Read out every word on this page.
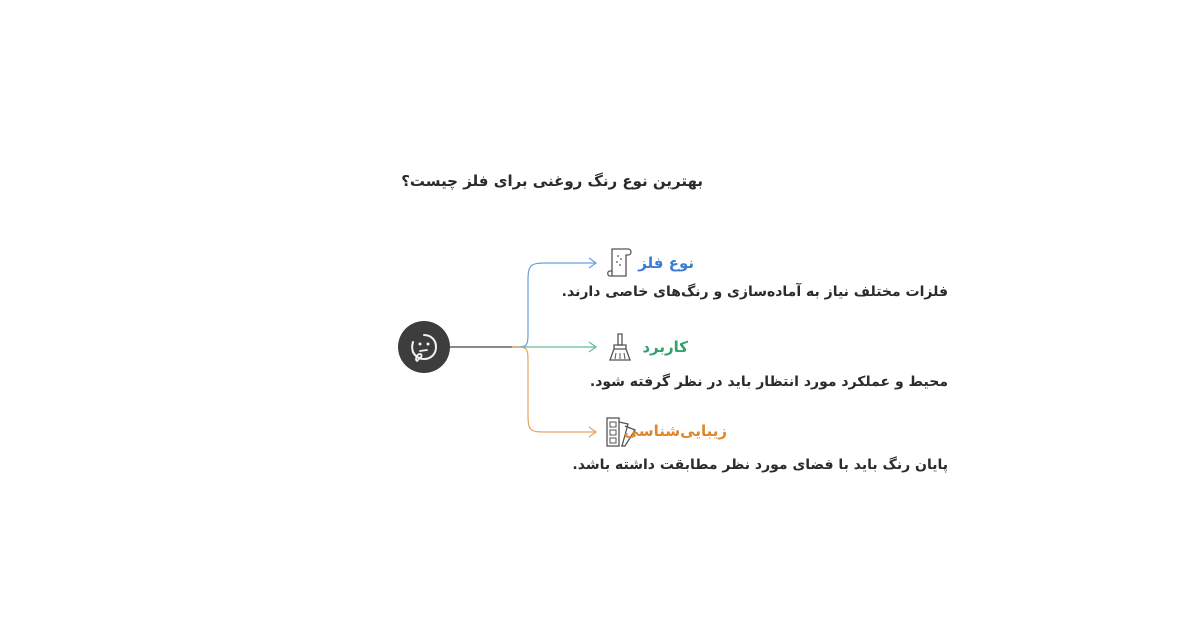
بهترین نوع رنگ روغنی برای فلز چیست؟
نوع فلز
فلزات مختلف نیاز به آماده‌سازی و رنگ‌های خاصی دارند.
کاربرد
محیط و عملکرد مورد انتظار باید در نظر گرفته شود.
زیبایی‌شناسی
پایان رنگ باید با فضای مورد نظر مطابقت داشته باشد.
